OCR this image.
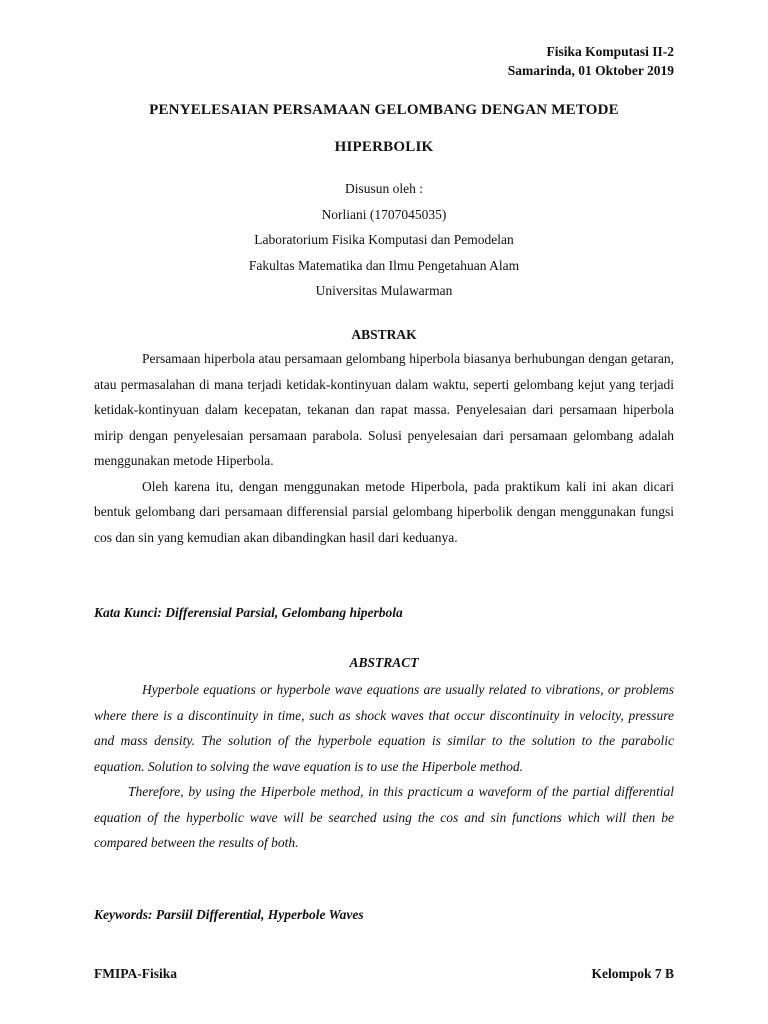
Fisika Komputasi II-2
Samarinda, 01 Oktober 2019
PENYELESAIAN PERSAMAAN GELOMBANG DENGAN METODE
HIPERBOLIK
Disusun oleh :
Norliani (1707045035)
Laboratorium Fisika Komputasi dan Pemodelan
Fakultas Matematika dan Ilmu Pengetahuan Alam
Universitas Mulawarman
ABSTRAK

Persamaan hiperbola atau persamaan gelombang hiperbola biasanya berhubungan dengan getaran, atau permasalahan di mana terjadi ketidak-kontinyuan dalam waktu, seperti gelombang kejut yang terjadi ketidak-kontinyuan dalam kecepatan, tekanan dan rapat massa. Penyelesaian dari persamaan hiperbola mirip dengan penyelesaian persamaan parabola. Solusi penyelesaian dari persamaan gelombang adalah menggunakan metode Hiperbola.

Oleh karena itu, dengan menggunakan metode Hiperbola, pada praktikum kali ini akan dicari bentuk gelombang dari persamaan differensial parsial gelombang hiperbolik dengan menggunakan fungsi cos dan sin yang kemudian akan dibandingkan hasil dari keduanya.

Kata Kunci: Differensial Parsial, Gelombang hiperbola
ABSTRACT

Hyperbole equations or hyperbole wave equations are usually related to vibrations, or problems where there is a discontinuity in time, such as shock waves that occur discontinuity in velocity, pressure and mass density. The solution of the hyperbole equation is similar to the solution to the parabolic equation. Solution to solving the wave equation is to use the Hiperbole method.

Therefore, by using the Hiperbole method, in this practicum a waveform of the partial differential equation of the hyperbolic wave will be searched using the cos and sin functions which will then be compared between the results of both.

Keywords: Parsiil Differential, Hyperbole Waves
FMIPA-Fisika	Kelompok 7 B
